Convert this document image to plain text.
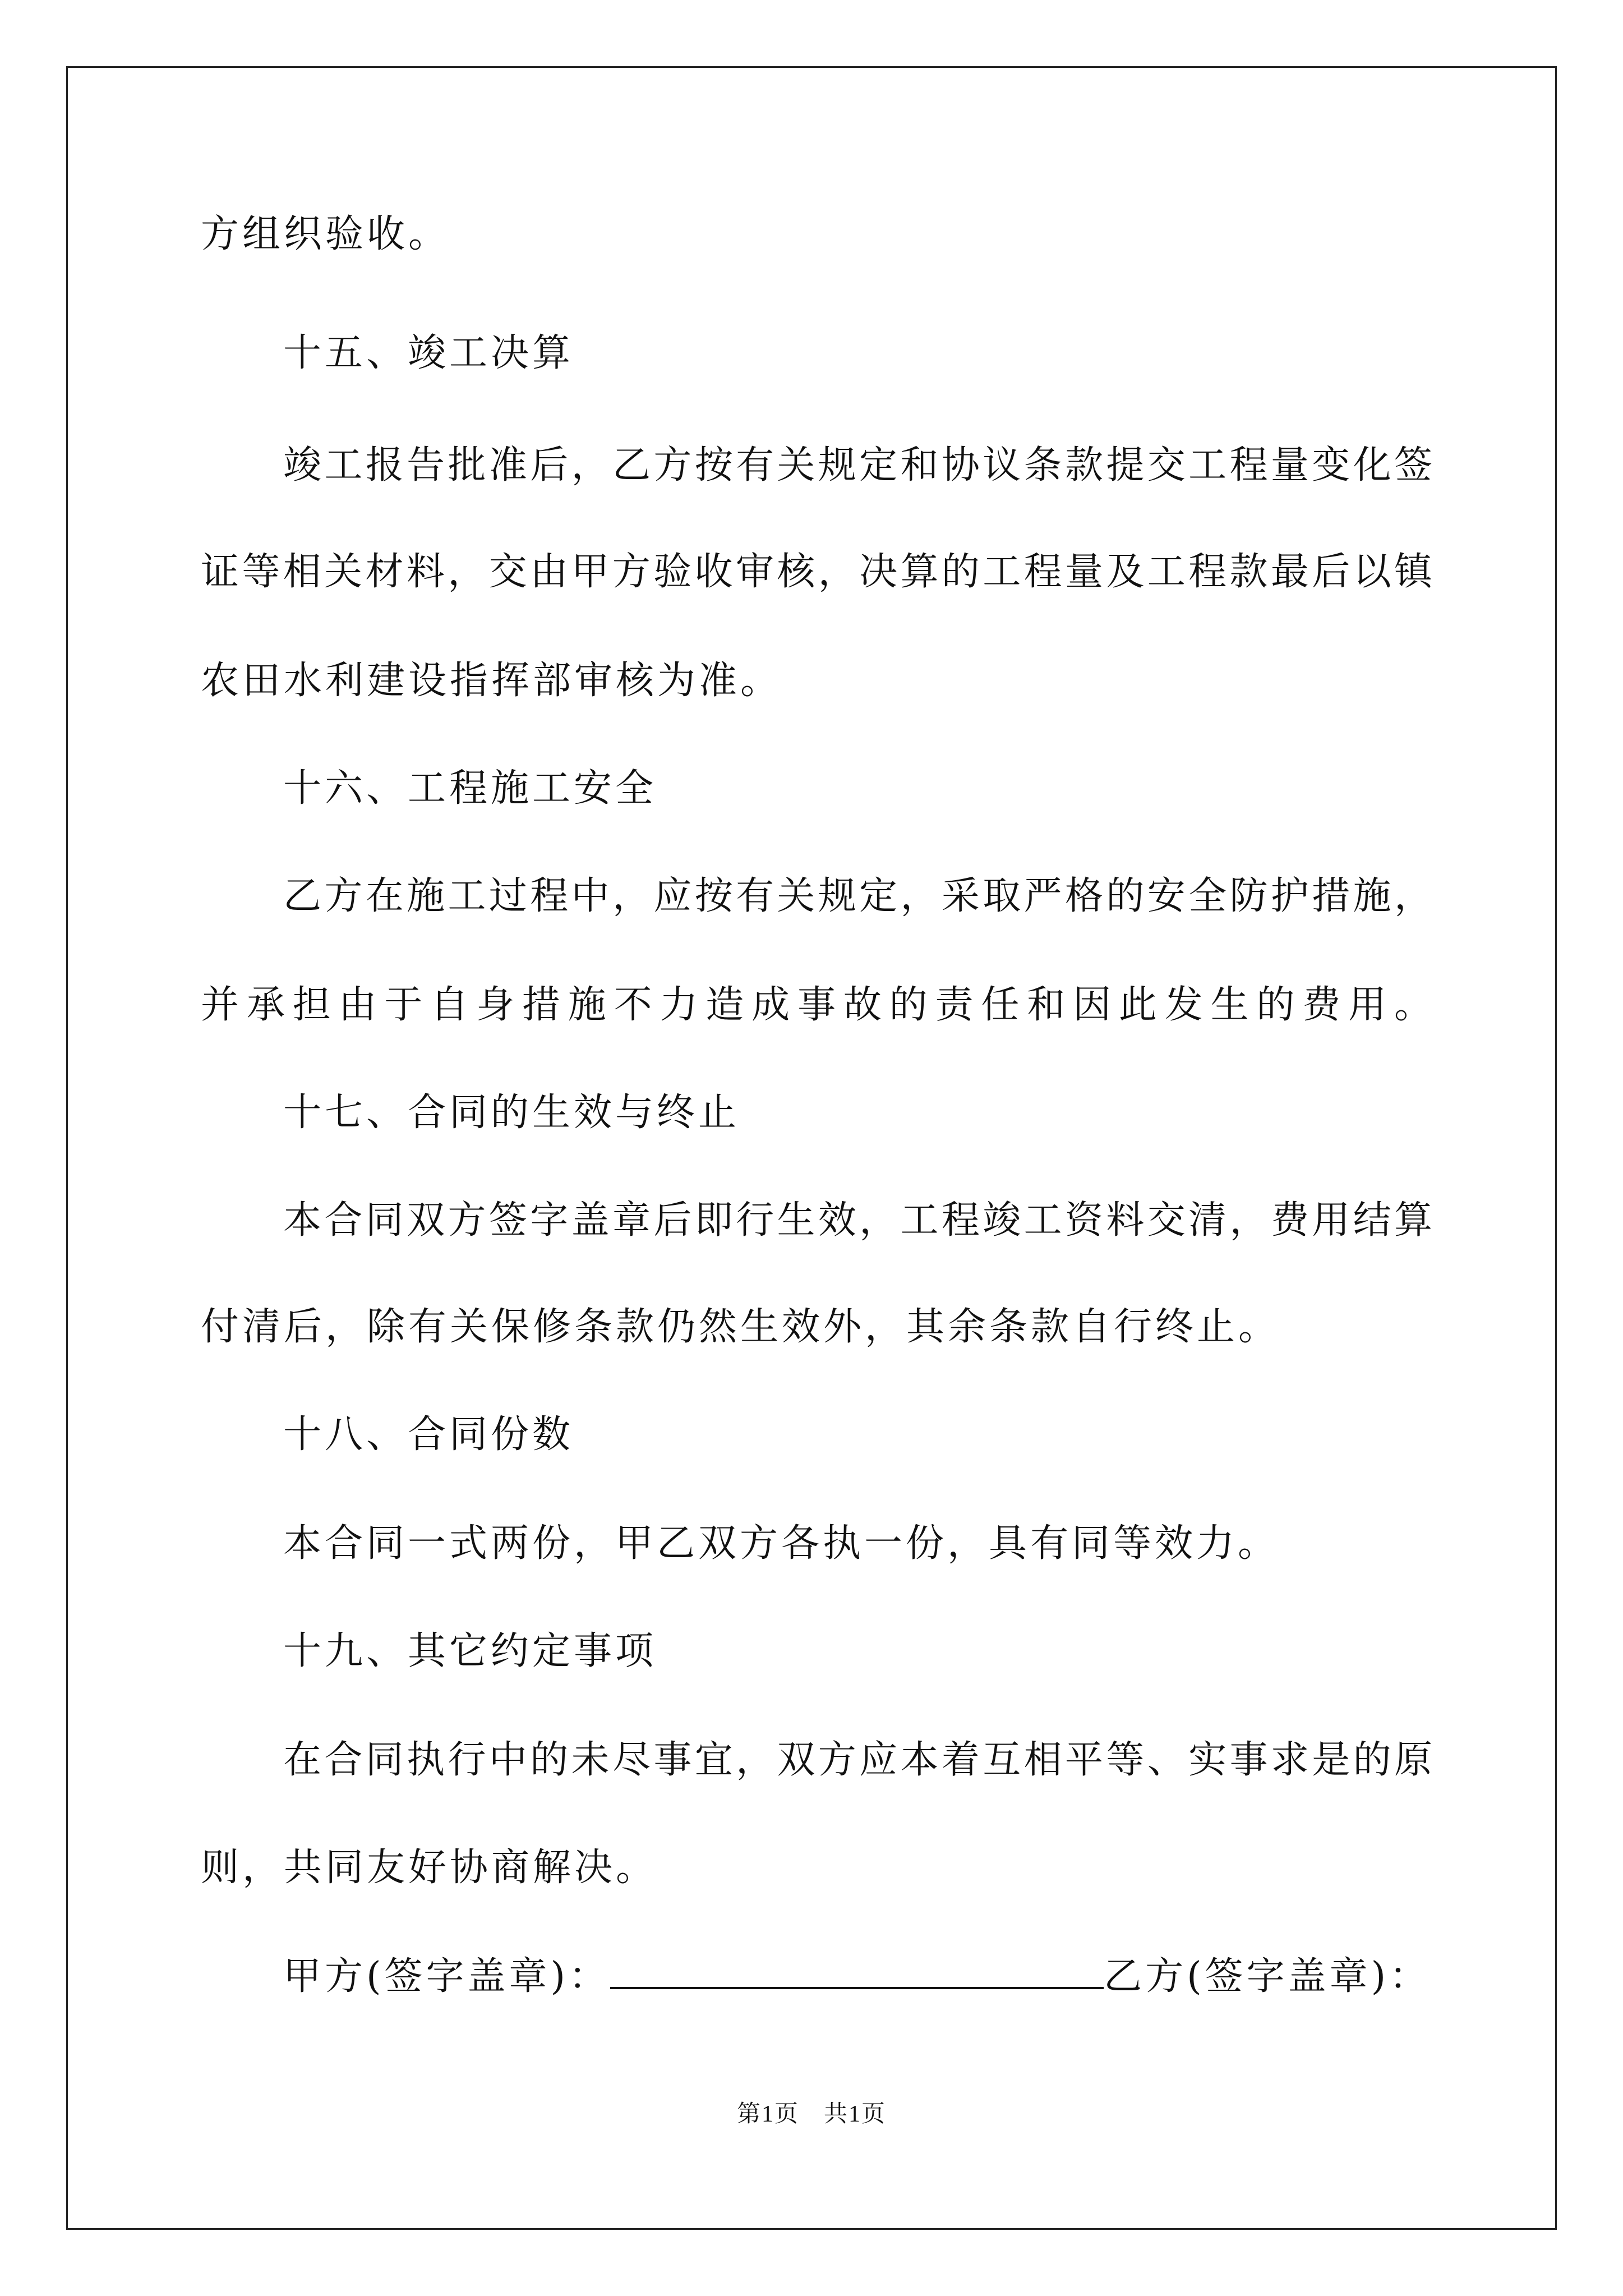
方组织验收。
十五、竣工决算
竣工报告批准后，乙方按有关规定和协议条款提交工程量变化签
证等相关材料，交由甲方验收审核，决算的工程量及工程款最后以镇
农田水利建设指挥部审核为准。
十六、工程施工安全
乙方在施工过程中，应按有关规定，采取严格的安全防护措施，
并承担由于自身措施不力造成事故的责任和因此发生的费用。
十七、合同的生效与终止
本合同双方签字盖章后即行生效，工程竣工资料交清，费用结算
付清后，除有关保修条款仍然生效外，其余条款自行终止。
十八、合同份数
本合同一式两份，甲乙双方各执一份，具有同等效力。
十九、其它约定事项
在合同执行中的未尽事宜，双方应本着互相平等、实事求是的原
则，共同友好协商解决。
甲方(签字盖章)：	乙方(签字盖章)：
第1页　共1页
